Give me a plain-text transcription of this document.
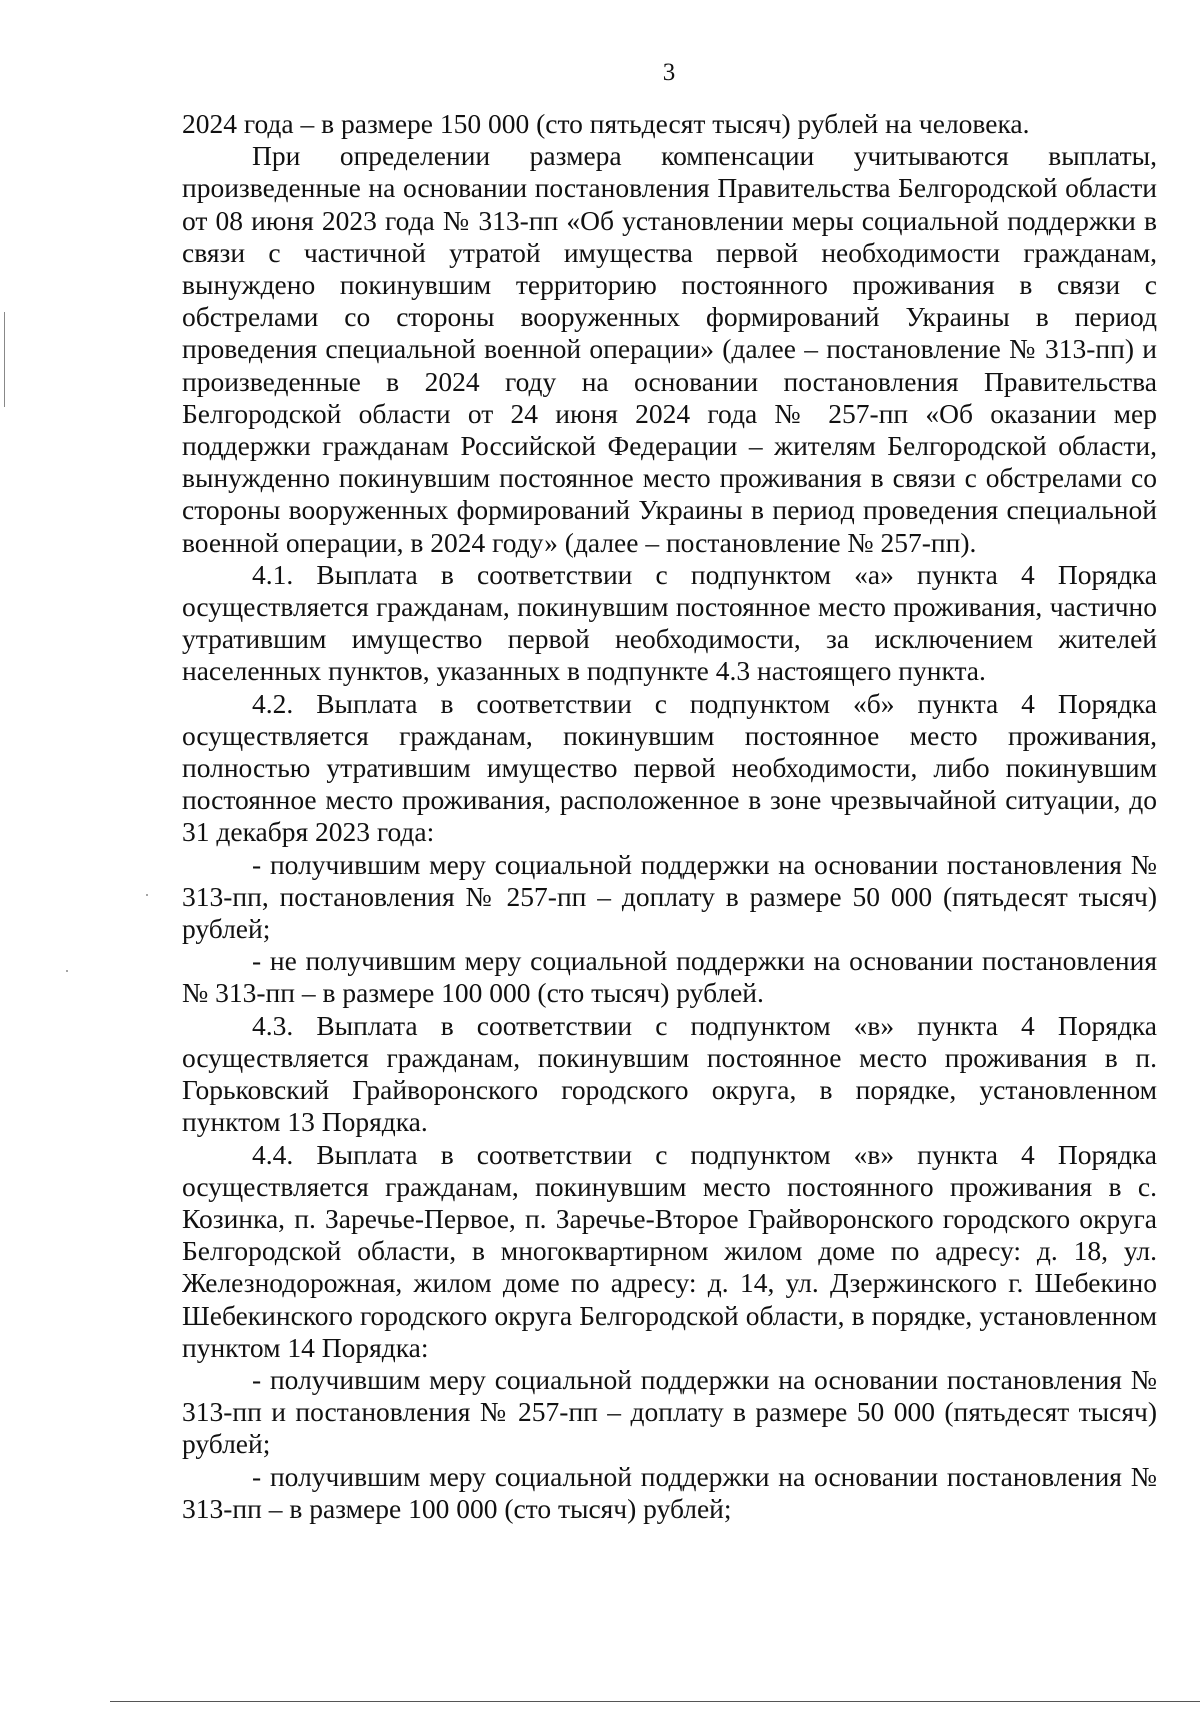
3

2024 года – в размере 150 000 (сто пятьдесят тысяч) рублей на человека.

При определении размера компенсации учитываются выплаты, произведенные на основании постановления Правительства Белгородской области от 08 июня 2023 года № 313-пп «Об установлении меры социальной поддержки в связи с частичной утратой имущества первой необходимости гражданам, вынуждено покинувшим территорию постоянного проживания в связи с обстрелами со стороны вооруженных формирований Украины в период проведения специальной военной операции» (далее – постановление № 313-пп) и произведенные в 2024 году на основании постановления Правительства Белгородской области от 24 июня 2024 года № 257-пп «Об оказании мер поддержки гражданам Российской Федерации – жителям Белгородской области, вынужденно покинувшим постоянное место проживания в связи с обстрелами со стороны вооруженных формирований Украины в период проведения специальной военной операции, в 2024 году» (далее – постановление № 257-пп).

4.1. Выплата в соответствии с подпунктом «а» пункта 4 Порядка осуществляется гражданам, покинувшим постоянное место проживания, частично утратившим имущество первой необходимости, за исключением жителей населенных пунктов, указанных в подпункте 4.3 настоящего пункта.

4.2. Выплата в соответствии с подпунктом «б» пункта 4 Порядка осуществляется гражданам, покинувшим постоянное место проживания, полностью утратившим имущество первой необходимости, либо покинувшим постоянное место проживания, расположенное в зоне чрезвычайной ситуации, до 31 декабря 2023 года:

- получившим меру социальной поддержки на основании постановления № 313-пп, постановления № 257-пп – доплату в размере 50 000 (пятьдесят тысяч) рублей;

- не получившим меру социальной поддержки на основании постановления № 313-пп – в размере 100 000 (сто тысяч) рублей.

4.3. Выплата в соответствии с подпунктом «в» пункта 4 Порядка осуществляется гражданам, покинувшим постоянное место проживания в п. Горьковский Грайворонского городского округа, в порядке, установленном пунктом 13 Порядка.

4.4. Выплата в соответствии с подпунктом «в» пункта 4 Порядка осуществляется гражданам, покинувшим место постоянного проживания в с. Козинка, п. Заречье-Первое, п. Заречье-Второе Грайворонского городского округа Белгородской области, в многоквартирном жилом доме по адресу: д. 18, ул. Железнодорожная, жилом доме по адресу: д. 14, ул. Дзержинского г. Шебекино Шебекинского городского округа Белгородской области, в порядке, установленном пунктом 14 Порядка:

- получившим меру социальной поддержки на основании постановления № 313-пп и постановления № 257-пп – доплату в размере 50 000 (пятьдесят тысяч) рублей;

- получившим меру социальной поддержки на основании постановления № 313-пп – в размере 100 000 (сто тысяч) рублей;
